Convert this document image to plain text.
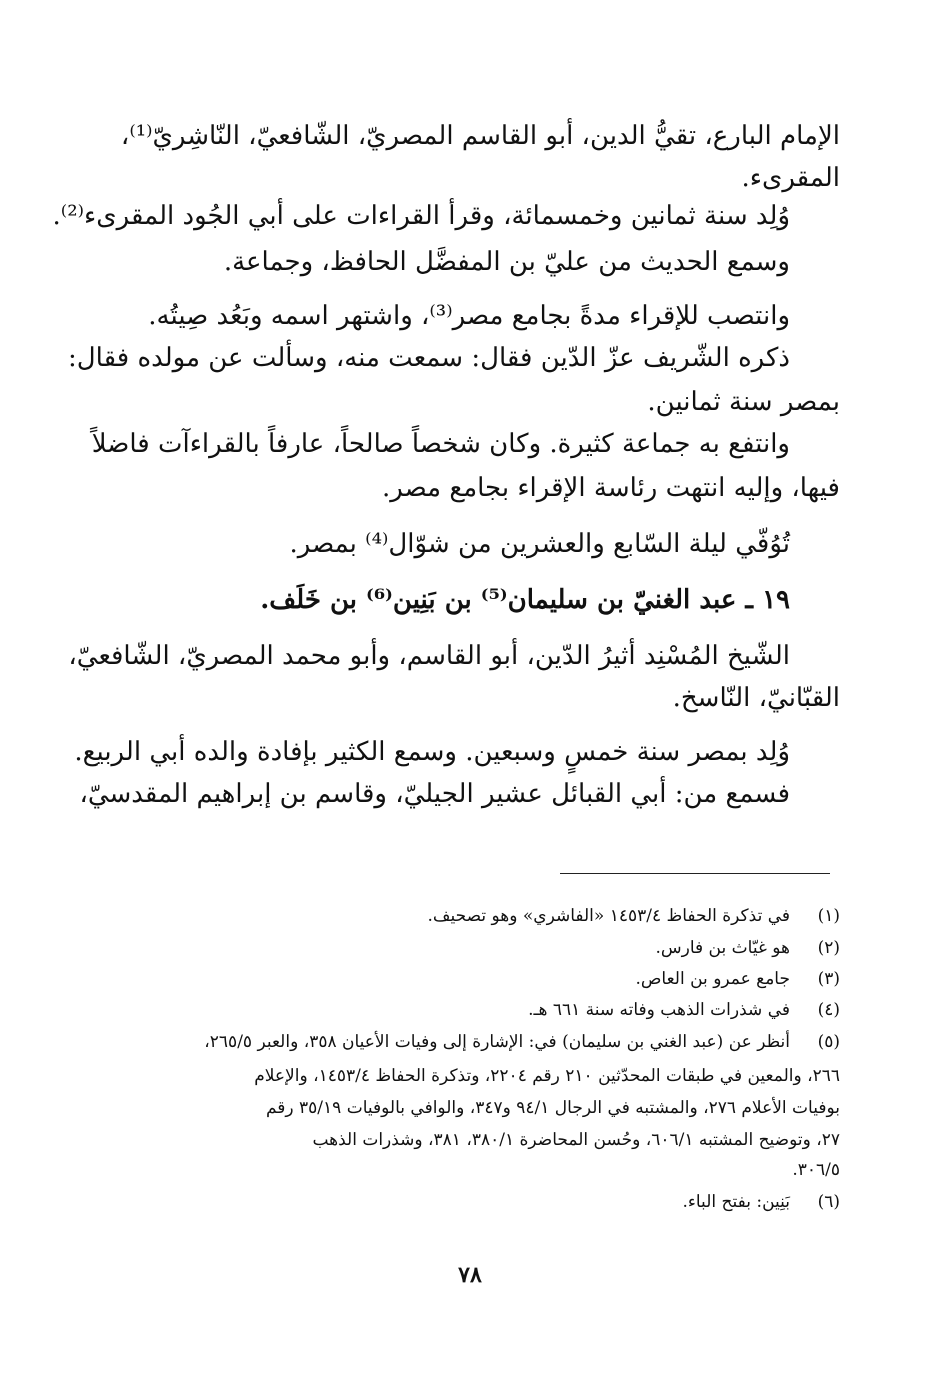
الإمام البارع، تقيُّ الدين، أبو القاسم المصريّ، الشّافعيّ، النّاشِريّ⁽¹⁾،
المقرىء.
وُلِد سنة ثمانين وخمسمائة، وقرأ القراءات على أبي الجُود المقرىء⁽²⁾.
وسمع الحديث من عليّ بن المفضَّل الحافظ، وجماعة.
وانتصب للإقراء مدةً بجامع مصر⁽³⁾، واشتهر اسمه وبَعُد صِيتُه.
ذكره الشّريف عزّ الدّين فقال: سمعت منه، وسألت عن مولده فقال:
بمصر سنة ثمانين.
وانتفع به جماعة كثيرة. وكان شخصاً صالحاً، عارفاً بالقراءآت فاضلاً
فيها، وإليه انتهت رئاسة الإقراء بجامع مصر.
تُوُفّي ليلة السّابع والعشرين من شوّال⁽⁴⁾ بمصر.
١٩ ـ عبد الغنيّ بن سليمان⁽⁵⁾ بن بَنِين⁽⁶⁾ بن خَلَف.
الشّيخ المُسْنِد أثيرُ الدّين، أبو القاسم، وأبو محمد المصريّ، الشّافعيّ،
القبّانيّ، النّاسخ.
وُلِد بمصر سنة خمسٍ وسبعين. وسمع الكثير بإفادة والده أبي الربيع.
فسمع من: أبي القبائل عشير الجيليّ، وقاسم بن إبراهيم المقدسيّ،
(١)
في تذكرة الحفاظ ١٤٥٣/٤ «الفاشري» وهو تصحيف.
(٢)
هو غيّاث بن فارس.
(٣)
جامع عمرو بن العاص.
(٤)
في شذرات الذهب وفاته سنة ٦٦١ هـ.
(٥)
أنظر عن (عبد الغني بن سليمان) في: الإشارة إلى وفيات الأعيان ٣٥٨، والعبر ٢٦٥/٥،
٢٦٦، والمعين في طبقات المحدّثين ٢١٠ رقم ٢٢٠٤، وتذكرة الحفاظ ١٤٥٣/٤، والإعلام
بوفيات الأعلام ٢٧٦، والمشتبه في الرجال ٩٤/١ و٣٤٧، والوافي بالوفيات ٣٥/١٩ رقم
٢٧، وتوضيح المشتبه ٦٠٦/١، وحُسن المحاضرة ٣٨٠/١، ٣٨١، وشذرات الذهب
٣٠٦/٥.
(٦)
بَنِين: بفتح الباء.
٧٨
